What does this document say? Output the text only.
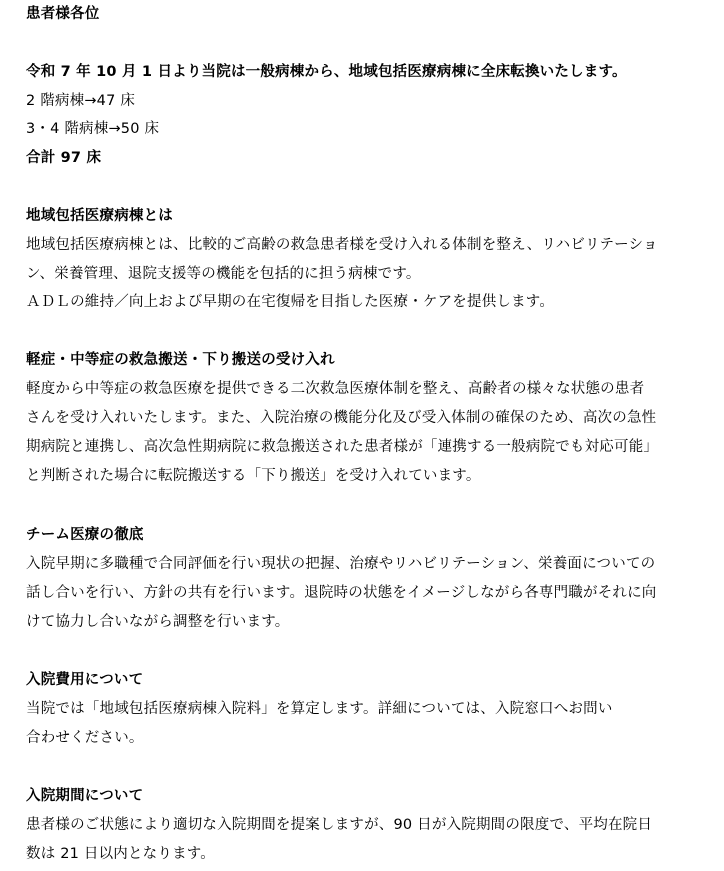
患者様各位
令和 7 年 10 月 1 日より当院は一般病棟から、地域包括医療病棟に全床転換いたします。
2 階病棟→47 床
3・4 階病棟→50 床
合計 97 床
地域包括医療病棟とは
地域包括医療病棟とは、比較的ご高齢の救急患者様を受け入れる体制を整え、リハビリテーショ
ン、栄養管理、退院支援等の機能を包括的に担う病棟です。
ＡＤＬの維持／向上および早期の在宅復帰を目指した医療・ケアを提供します。
軽症・中等症の救急搬送・下り搬送の受け入れ
軽度から中等症の救急医療を提供できる二次救急医療体制を整え、高齢者の様々な状態の患者
さんを受け入れいたします。また、入院治療の機能分化及び受入体制の確保のため、高次の急性
期病院と連携し、高次急性期病院に救急搬送された患者様が「連携する一般病院でも対応可能」
と判断された場合に転院搬送する「下り搬送」を受け入れています。
チーム医療の徹底
入院早期に多職種で合同評価を行い現状の把握、治療やリハビリテーション、栄養面についての
話し合いを行い、方針の共有を行います。退院時の状態をイメージしながら各専門職がそれに向
けて協力し合いながら調整を行います。
入院費用について
当院では「地域包括医療病棟入院料」を算定します。詳細については、入院窓口へお問い
合わせください。
入院期間について
患者様のご状態により適切な入院期間を提案しますが、90 日が入院期間の限度で、平均在院日
数は 21 日以内となります。
